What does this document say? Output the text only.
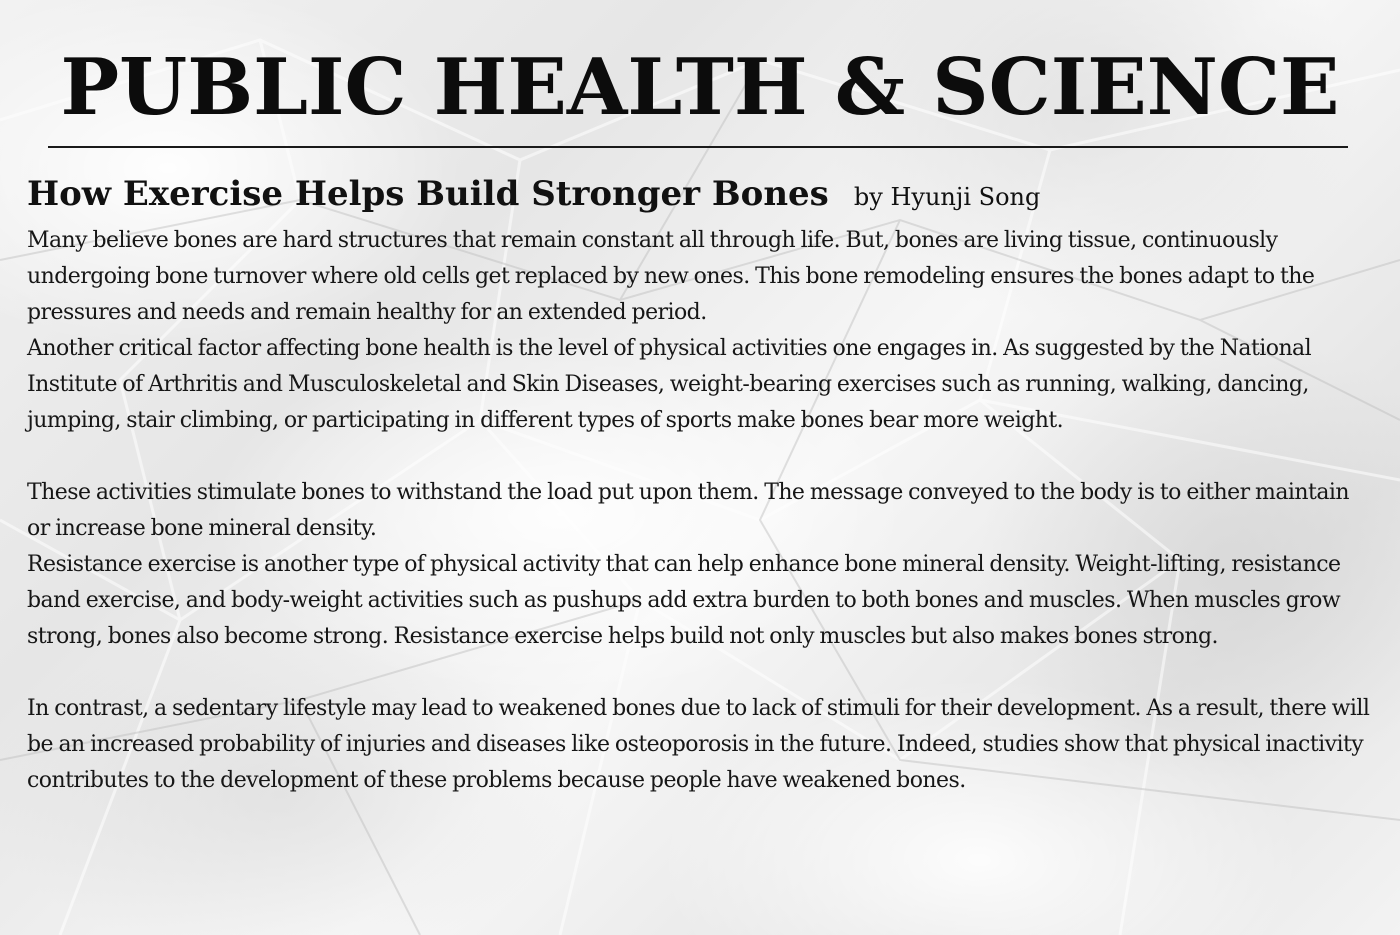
PUBLIC HEALTH & SCIENCE
How Exercise Helps Build Stronger Bones by Hyunji Song

Many believe bones are hard structures that remain constant all through life. But, bones are living tissue, continuously undergoing bone turnover where old cells get replaced by new ones. This bone remodeling ensures the bones adapt to the pressures and needs and remain healthy for an extended period.

Another critical factor affecting bone health is the level of physical activities one engages in. As suggested by the National Institute of Arthritis and Musculoskeletal and Skin Diseases, weight-bearing exercises such as running, walking, dancing, jumping, stair climbing, or participating in different types of sports make bones bear more weight.

These activities stimulate bones to withstand the load put upon them. The message conveyed to the body is to either maintain or increase bone mineral density.

Resistance exercise is another type of physical activity that can help enhance bone mineral density. Weight-lifting, resistance band exercise, and body-weight activities such as pushups add extra burden to both bones and muscles. When muscles grow strong, bones also become strong. Resistance exercise helps build not only muscles but also makes bones strong.

In contrast, a sedentary lifestyle may lead to weakened bones due to lack of stimuli for their development. As a result, there will be an increased probability of injuries and diseases like osteoporosis in the future. Indeed, studies show that physical inactivity contributes to the development of these problems because people have weakened bones.
